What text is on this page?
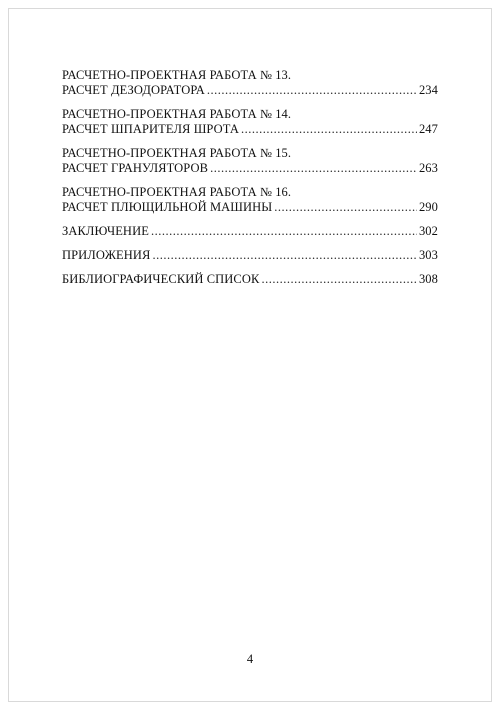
РАСЧЕТНО-ПРОЕКТНАЯ РАБОТА № 13.
РАСЧЕТ ДЕЗОДОРАТОРА .....	234
РАСЧЕТНО-ПРОЕКТНАЯ РАБОТА № 14.
РАСЧЕТ ШПАРИТЕЛЯ ШРОТА .....	247
РАСЧЕТНО-ПРОЕКТНАЯ РАБОТА № 15.
РАСЧЕТ ГРАНУЛЯТОРОВ .....	263
РАСЧЕТНО-ПРОЕКТНАЯ РАБОТА № 16.
РАСЧЕТ ПЛЮЩИЛЬНОЙ МАШИНЫ .....	290
ЗАКЛЮЧЕНИЕ .....	302
ПРИЛОЖЕНИЯ .....	303
БИБЛИОГРАФИЧЕСКИЙ СПИСОК .....	308
4
